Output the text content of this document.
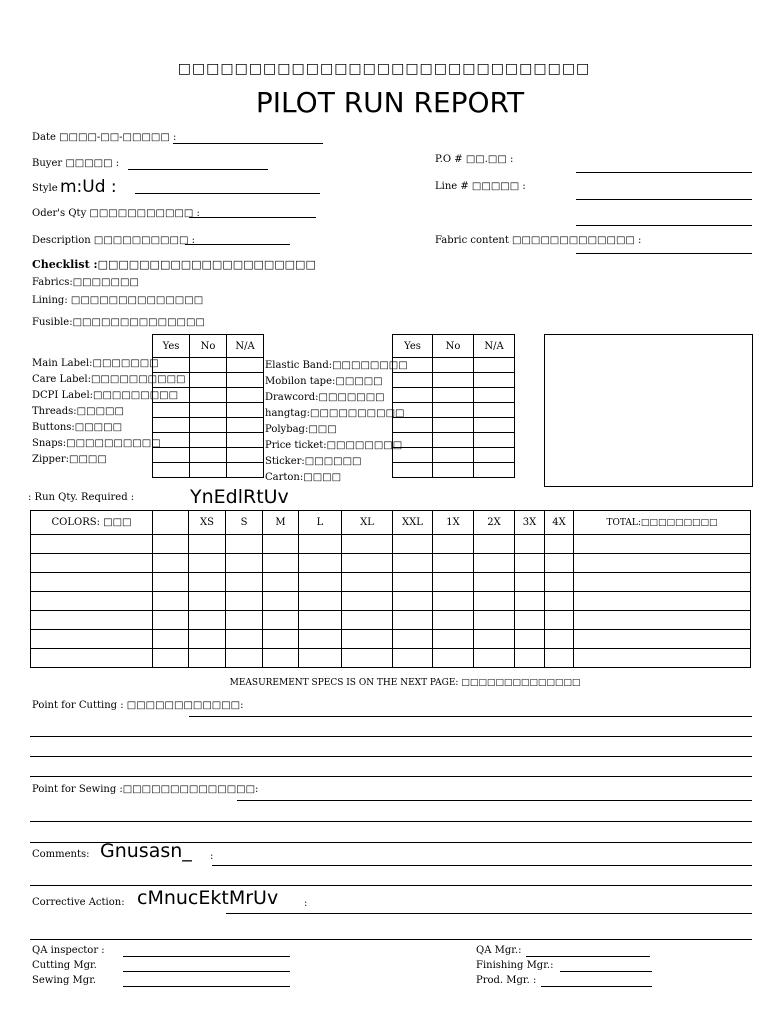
□□□□□□□□□□□□□□□□□□□□□□□□□□□□□
PILOT RUN REPORT
Date □□□□-□□-□□□□□ :
Buyer □□□□□ :
Style m:Ud :
Oder's Qty □□□□□□□□□□□ :
Description □□□□□□□□□□ :
P.O # □□.□□ :
Line # □□□□□ :
Fabric content □□□□□□□□□□□□□ :
Checklist :□□□□□□□□□□□□□□□□□□□□□
Fabrics:□□□□□□□
Lining: □□□□□□□□□□□□□□
Fusible:□□□□□□□□□□□□□□
Main Label:□□□□□□□
Care Label:□□□□□□□□□□
DCPI Label:□□□□□□□□□
Threads:□□□□□
Buttons:□□□□□
Snaps:□□□□□□□□□□
Zipper:□□□□
Yes	No	N/A

Elastic Band:□□□□□□□□
Mobilon tape:□□□□□
Drawcord:□□□□□□□
hangtag:□□□□□□□□□□
Polybag:□□□
Price ticket:□□□□□□□□
Sticker:□□□□□□
Carton:□□□□
Yes	No	N/A

: Run Qty. Required :	YnEdlRtUv
COLORS: □□□		XS	S	M	L	XL	XXL	1X	2X	3X	4X	TOTAL:□□□□□□□□□

MEASUREMENT SPECS IS ON THE NEXT PAGE: □□□□□□□□□□□□□□
Point for Cutting : □□□□□□□□□□□□:
Point for Sewing :□□□□□□□□□□□□□□:
Comments: Gnusasn_ :
Corrective Action: cMnucEktMrUv	:
QA inspector :
Cutting Mgr.
Sewing Mgr.
QA Mgr.:
Finishing Mgr.:
Prod. Mgr. :
